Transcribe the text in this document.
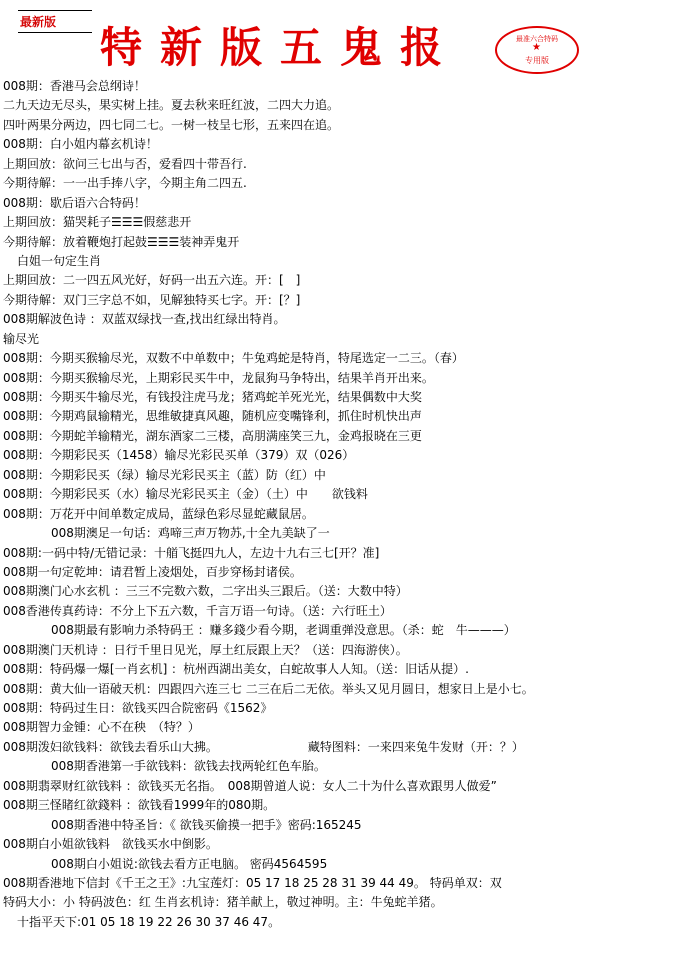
最新版
特新版五鬼报	最准六合特码
★
专用版
008期：香港马会总纲诗！
二九天边无尽头，果实树上挂。夏去秋来旺红波，二四大力追。
四叶两果分两边，四七同二七。一树一枝呈七形，五来四在追。
008期：白小姐内幕玄机诗！
上期回放：欲问三七出与否，爱看四十带吾行.
今期待解：一一出手捧八字，今期主角二四五.
008期：歇后语六合特码！
上期回放：猫哭耗子☰☰☰假慈悲开
今期待解：放着鞭炮打起鼓☰☰☰装神弄鬼开
白姐一句定生肖
上期回放：二一四五风光好，好码一出五六连。开：[　]
今期待解：双门三字总不如，见解独特买七字。开：[？]
008期解波色诗 ：双蓝双绿找一查,找出红绿出特肖。
输尽光
008期：今期买猴输尽光，双数不中单数中；牛兔鸡蛇是特肖，特尾选定一二三。（春）
008期：今期买猴输尽光，上期彩民买牛中，龙鼠狗马争特出，结果羊肖开出来。
008期：今期买牛输尽光，有钱投注虎马龙；猪鸡蛇羊死光光，结果偶数中大奖
008期：今期鸡鼠输精光，思维敏捷真风趣，随机应变嘴锋利，抓住时机快出声
008期：今期蛇羊输精光，湖东酒家二三楼，高朋满座笑三九，金鸡报晓在三更
008期：今期彩民买（1458）输尽光彩民买单（379）双（026）
008期：今期彩民买（绿）输尽光彩民买主（蓝）防（红）中
008期：今期彩民买（水）输尽光彩民买主（金）（土）中　　欲钱料
008期：万花开中间单数定成局，蓝绿色彩尽显蛇藏鼠居。
008期澳足一句话：鸡啼三声万物苏,十全九美缺了一
008期:一码中特/无错记录：十艏飞挺四九人，左边十九右三七[开？准]
008期一句定乾坤：请君暂上凌烟处，百步穿杨封诸侯。
008期澳门心水玄机 ：三三不完数六数，二字出头三跟后。（送：大数中特）
008香港传真药诗：不分上下五六数，千言万语一句诗。（送：六行旺土）
008期最有影响力杀特码王 ：赚多錢少看今期，老调重弹没意思。（杀：蛇　牛———）
008期澳门天机诗 ：日行千里日见光，厚土红辰跟上天？（送：四海游侠）。
008期：特码爆一爆[一肖玄机] ：杭州西湖出美女，白蛇故事人人知。（送：旧话从提）.
008期：黄大仙一语破天机：四跟四六连三七 二三在后二无依。举头又见月圆日，想家日上是小七。
008期：特码过生日：欲钱买四合院密码《1562》
008期智力金锺：心不在秧　（特？）
008期泼妇欲钱料：欲钱去看乐山大拂。　　　　　　　　藏特图料：一来四来兔牛发财（开：？）
008期香港第一手欲钱料：欲钱去找两轮红色车胎。
008期翡翠财红欲钱料 ：欲钱买无名指。　008期曾道人说：女人二十为什么喜欢跟男人做爱”
008期三怪睹红欲錢料 ：欲钱看1999年的080期。
008期香港中特圣旨：《 欲钱买偷摸一把手》密码:165245
008期白小姐欲钱料　欲钱买水中倒影。
008期白小姐说:欲钱去看方正电脑。 密码4564595
008期香港地下信封《千王之王》:九宝莲灯：05 17 18 25 28 31 39 44 49。 特码单双：双
特码大小：小 特码波色：红 生肖玄机诗：猪羊献上，敬过神明。主：牛兔蛇羊猪。
十指平天下:01 05 18 19 22 26 30 37 46 47。
